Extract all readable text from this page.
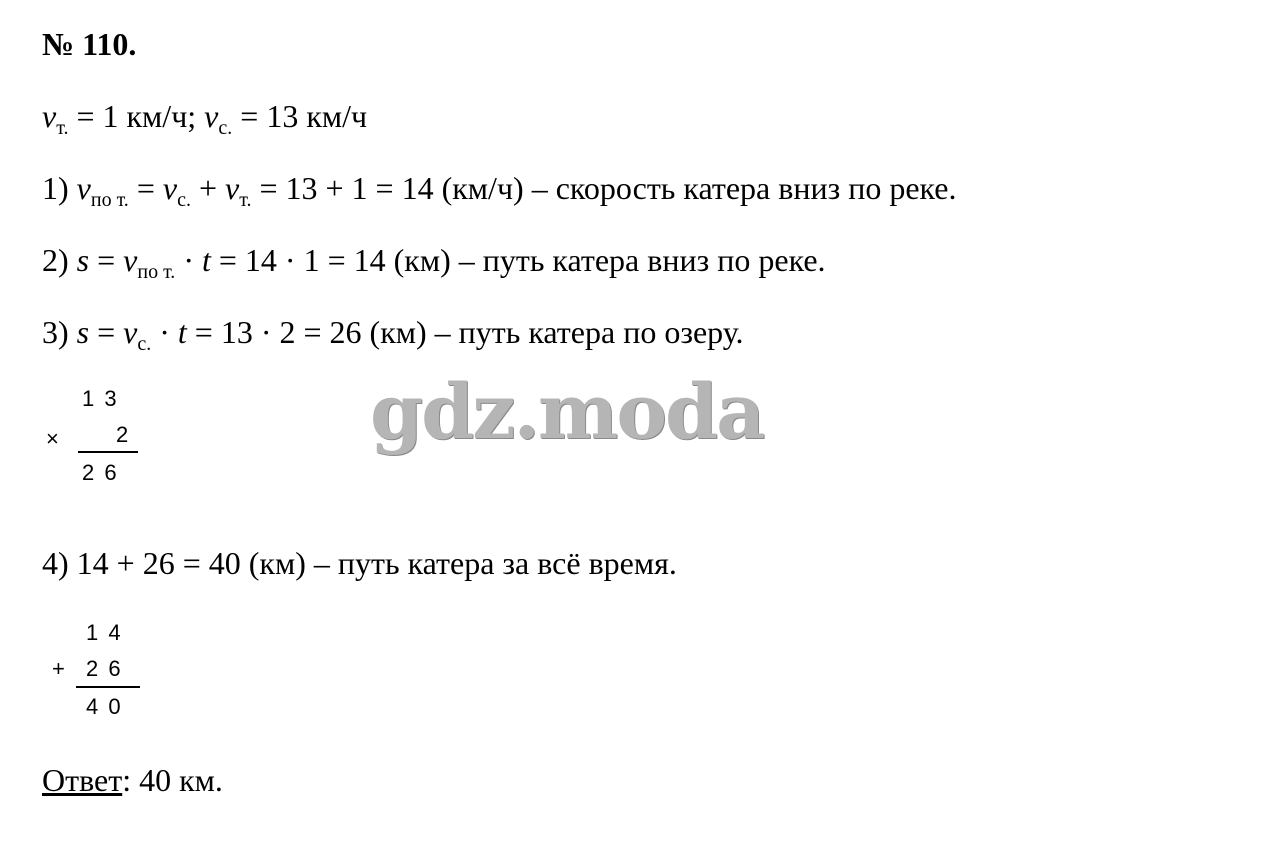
№ 110.
$v_{т.} = 1$ км/ч; $v_{с.} = 13$ км/ч
1) $v_{по т.} = v_{с.} + v_{т.} = 13 + 1 = 14$ (км/ч) – скорость катера вниз по реке.
2) $s = v_{по т.} \cdot t = 14 \cdot 1 = 14$ (км) – путь катера вниз по реке.
3) $s = v_{с.} \cdot t = 13 \cdot 2 = 26$ (км) – путь катера по озеру.
1 3
×	2
2 6
gdz.moda
4) 14 + 26 = 40 (км) – путь катера за всё время.
1 4
+ 2 6
4 0
Ответ: 40 км.
